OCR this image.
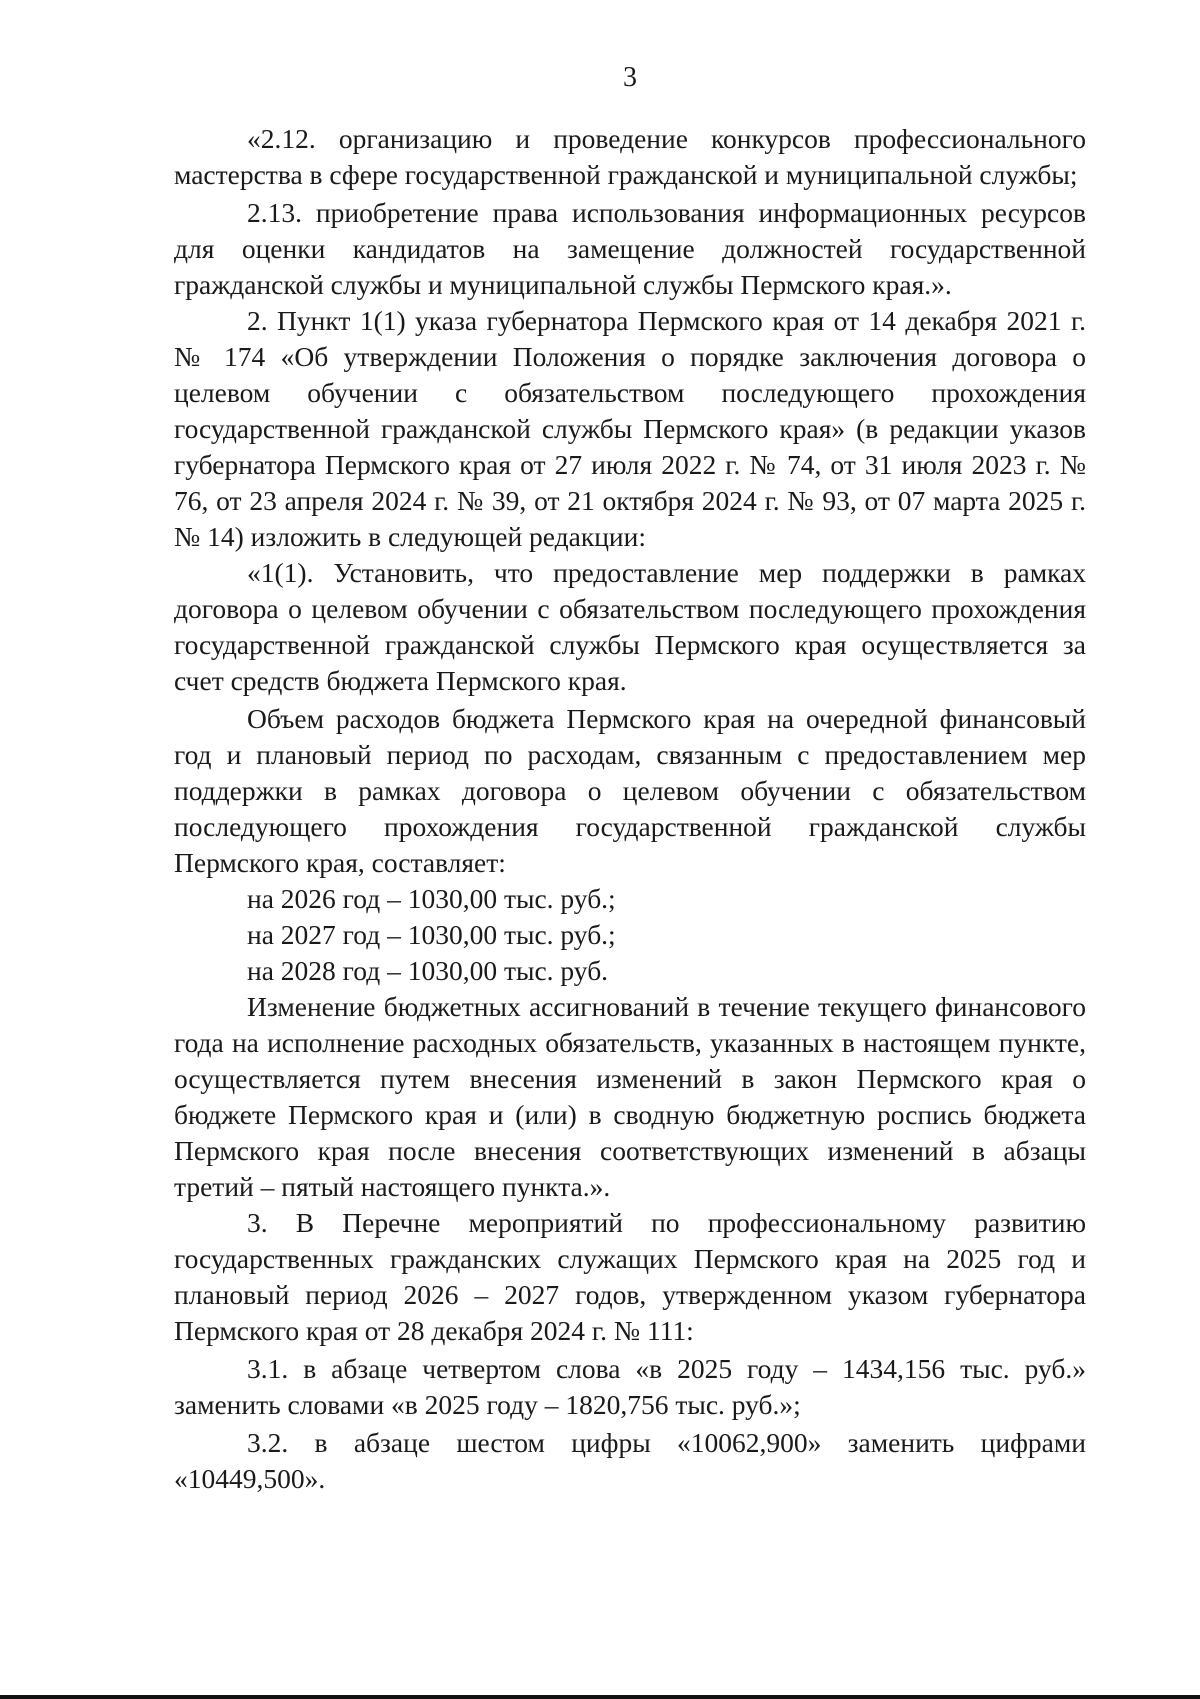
3

«2.12. организацию и проведение конкурсов профессионального мастерства в сфере государственной гражданской и муниципальной службы;

2.13. приобретение права использования информационных ресурсов для оценки кандидатов на замещение должностей государственной гражданской службы и муниципальной службы Пермского края.».

2. Пункт 1(1) указа губернатора Пермского края от 14 декабря 2021 г. № 174 «Об утверждении Положения о порядке заключения договора о целевом обучении с обязательством последующего прохождения государственной гражданской службы Пермского края» (в редакции указов губернатора Пермского края от 27 июля 2022 г. № 74, от 31 июля 2023 г. № 76, от 23 апреля 2024 г. № 39, от 21 октября 2024 г. № 93, от 07 марта 2025 г. № 14) изложить в следующей редакции:

«1(1). Установить, что предоставление мер поддержки в рамках договора о целевом обучении с обязательством последующего прохождения государственной гражданской службы Пермского края осуществляется за счет средств бюджета Пермского края.

Объем расходов бюджета Пермского края на очередной финансовый год и плановый период по расходам, связанным с предоставлением мер поддержки в рамках договора о целевом обучении с обязательством последующего прохождения государственной гражданской службы Пермского края, составляет:

на 2026 год – 1030,00 тыс. руб.;

на 2027 год – 1030,00 тыс. руб.;

на 2028 год – 1030,00 тыс. руб.

Изменение бюджетных ассигнований в течение текущего финансового года на исполнение расходных обязательств, указанных в настоящем пункте, осуществляется путем внесения изменений в закон Пермского края о бюджете Пермского края и (или) в сводную бюджетную роспись бюджета Пермского края после внесения соответствующих изменений в абзацы третий – пятый настоящего пункта.».

3. В Перечне мероприятий по профессиональному развитию государственных гражданских служащих Пермского края на 2025 год и плановый период 2026 – 2027 годов, утвержденном указом губернатора Пермского края от 28 декабря 2024 г. № 111:

3.1. в абзаце четвертом слова «в 2025 году – 1434,156 тыс. руб.» заменить словами «в 2025 году – 1820,756 тыс. руб.»;

3.2. в абзаце шестом цифры «10062,900» заменить цифрами «10449,500».
